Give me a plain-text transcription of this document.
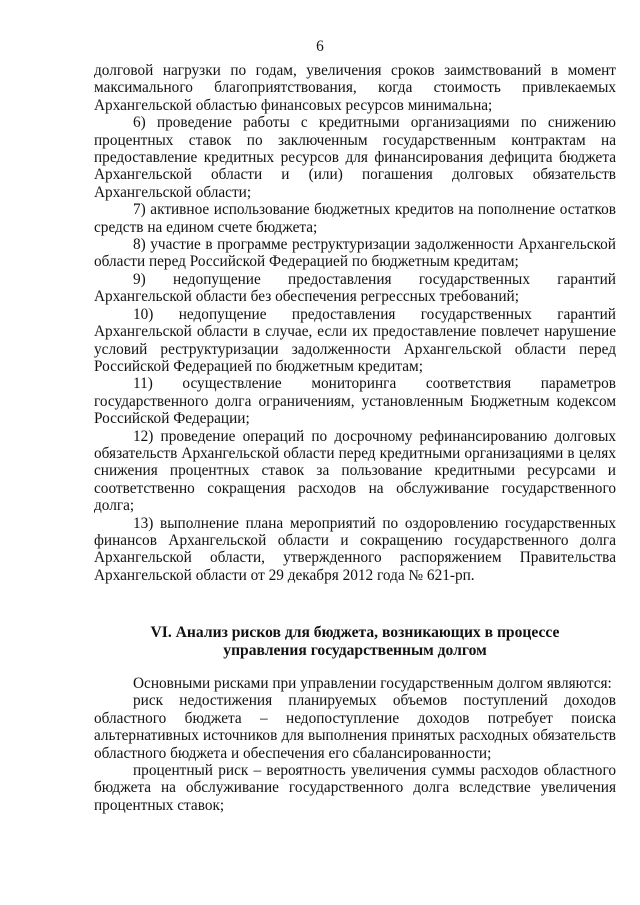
6

долговой нагрузки по годам, увеличения сроков заимствований в момент максимального благоприятствования, когда стоимость привлекаемых Архангельской областью финансовых ресурсов минимальна;

6) проведение работы с кредитными организациями по снижению процентных ставок по заключенным государственным контрактам на предоставление кредитных ресурсов для финансирования дефицита бюджета Архангельской области и (или) погашения долговых обязательств Архангельской области;

7) активное использование бюджетных кредитов на пополнение остатков средств на едином счете бюджета;

8) участие в программе реструктуризации задолженности Архангельской области перед Российской Федерацией по бюджетным кредитам;

9) недопущение предоставления государственных гарантий Архангельской области без обеспечения регрессных требований;

10) недопущение предоставления государственных гарантий Архангельской области в случае, если их предоставление повлечет нарушение условий реструктуризации задолженности Архангельской области перед Российской Федерацией по бюджетным кредитам;

11) осуществление мониторинга соответствия параметров государственного долга ограничениям, установленным Бюджетным кодексом Российской Федерации;

12) проведение операций по досрочному рефинансированию долговых обязательств Архангельской области перед кредитными организациями в целях снижения процентных ставок за пользование кредитными ресурсами и соответственно сокращения расходов на обслуживание государственного долга;

13) выполнение плана мероприятий по оздоровлению государственных финансов Архангельской области и сокращению государственного долга Архангельской области, утвержденного распоряжением Правительства Архангельской области от 29 декабря 2012 года № 621-рп.

VI. Анализ рисков для бюджета, возникающих в процессе
управления государственным долгом

Основными рисками при управлении государственным долгом являются:

риск недостижения планируемых объемов поступлений доходов областного бюджета – недопоступление доходов потребует поиска альтернативных источников для выполнения принятых расходных обязательств областного бюджета и обеспечения его сбалансированности;

процентный риск – вероятность увеличения суммы расходов областного бюджета на обслуживание государственного долга вследствие увеличения процентных ставок;
